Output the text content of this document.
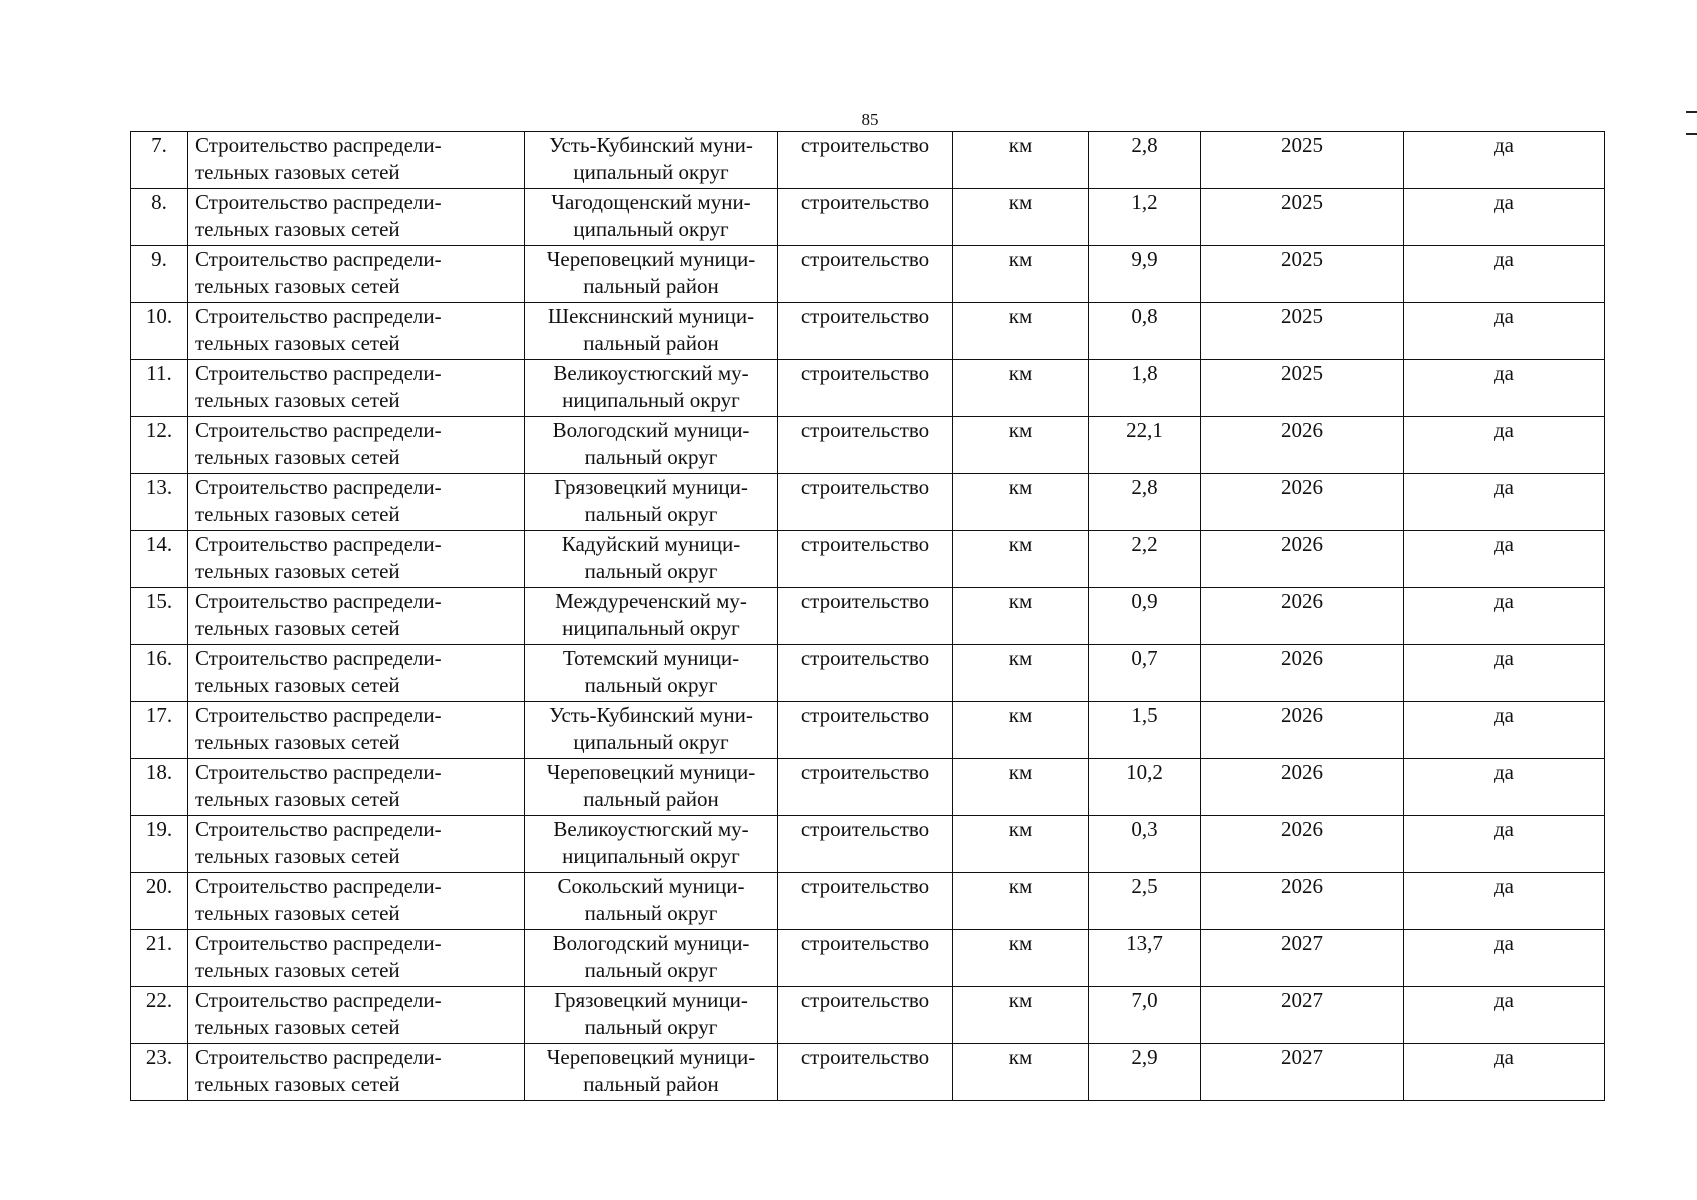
85
7.	Строительство распредели-
тельных газовых сетей	Усть-Кубинский муни-
ципальный округ	строительство	км	2,8	2025	да

8.	Строительство распредели-
тельных газовых сетей	Чагодощенский муни-
ципальный округ	строительство	км	1,2	2025	да

9.	Строительство распредели-
тельных газовых сетей	Череповецкий муници-
пальный район	строительство	км	9,9	2025	да

10.	Строительство распредели-
тельных газовых сетей	Шекснинский муници-
пальный район	строительство	км	0,8	2025	да

11.	Строительство распредели-
тельных газовых сетей	Великоустюгский му-
ниципальный округ	строительство	км	1,8	2025	да

12.	Строительство распредели-
тельных газовых сетей	Вологодский муници-
пальный округ	строительство	км	22,1	2026	да

13.	Строительство распредели-
тельных газовых сетей	Грязовецкий муници-
пальный округ	строительство	км	2,8	2026	да

14.	Строительство распредели-
тельных газовых сетей	Кадуйский муници-
пальный округ	строительство	км	2,2	2026	да

15.	Строительство распредели-
тельных газовых сетей	Междуреченский му-
ниципальный округ	строительство	км	0,9	2026	да

16.	Строительство распредели-
тельных газовых сетей	Тотемский муници-
пальный округ	строительство	км	0,7	2026	да

17.	Строительство распредели-
тельных газовых сетей	Усть-Кубинский муни-
ципальный округ	строительство	км	1,5	2026	да

18.	Строительство распредели-
тельных газовых сетей	Череповецкий муници-
пальный район	строительство	км	10,2	2026	да

19.	Строительство распредели-
тельных газовых сетей	Великоустюгский му-
ниципальный округ	строительство	км	0,3	2026	да

20.	Строительство распредели-
тельных газовых сетей	Сокольский муници-
пальный округ	строительство	км	2,5	2026	да

21.	Строительство распредели-
тельных газовых сетей	Вологодский муници-
пальный округ	строительство	км	13,7	2027	да

22.	Строительство распредели-
тельных газовых сетей	Грязовецкий муници-
пальный округ	строительство	км	7,0	2027	да

23.	Строительство распредели-
тельных газовых сетей	Череповецкий муници-
пальный район	строительство	км	2,9	2027	да
